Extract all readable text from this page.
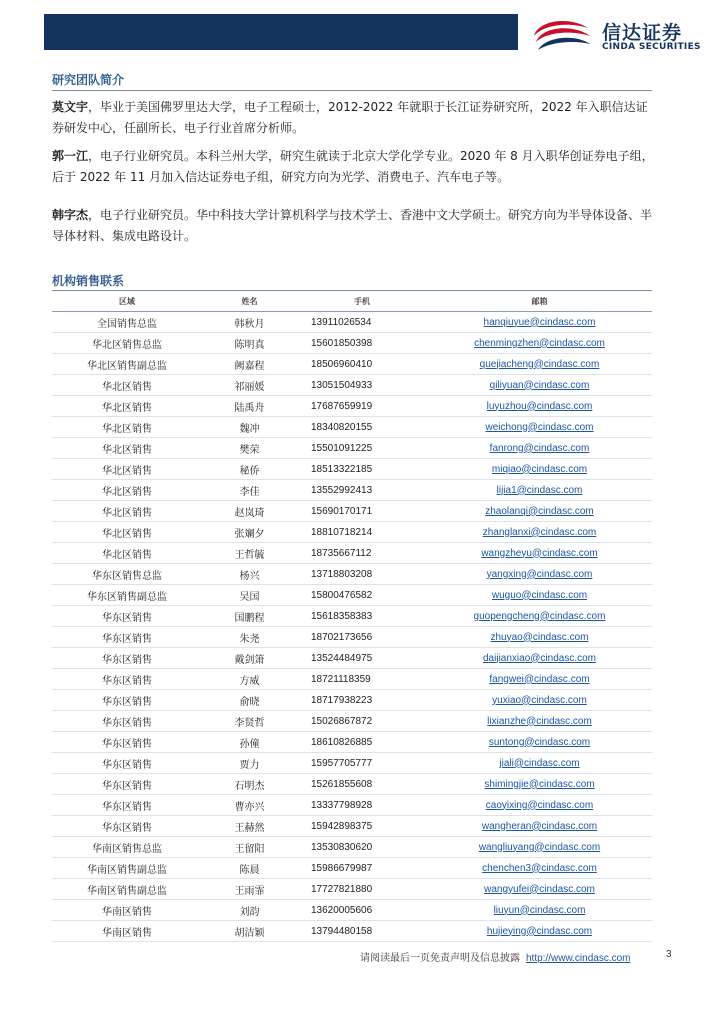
信达证券
CINDA SECURITIES
研究团队简介
莫文宇，毕业于美国佛罗里达大学，电子工程硕士，2012-2022 年就职于长江证券研究所，2022 年入职信达证券研发中心，任副所长、电子行业首席分析师。
郭一江，电子行业研究员。本科兰州大学，研究生就读于北京大学化学专业。2020 年 8 月入职华创证券电子组，后于 2022 年 11 月加入信达证券电子组，研究方向为光学、消费电子、汽车电子等。
韩字杰，电子行业研究员。华中科技大学计算机科学与技术学士、香港中文大学硕士。研究方向为半导体设备、半导体材料、集成电路设计。
机构销售联系
区域	姓名	手机	邮箱
全国销售总监	韩秋月	13911026534	hanqiuyue@cindasc.com
华北区销售总监	陈明真	15601850398	chenmingzhen@cindasc.com
华北区销售副总监	阙嘉程	18506960410	quejiacheng@cindasc.com
华北区销售	祁丽媛	13051504933	qiliyuan@cindasc.com
华北区销售	陆禹舟	17687659919	luyuzhou@cindasc.com
华北区销售	魏冲	18340820155	weichong@cindasc.com
华北区销售	樊荣	15501091225	fanrong@cindasc.com
华北区销售	秘侨	18513322185	miqiao@cindasc.com
华北区销售	李佳	13552992413	lijia1@cindasc.com
华北区销售	赵岚琦	15690170171	zhaolanqi@cindasc.com
华北区销售	张斓夕	18810718214	zhanglanxi@cindasc.com
华北区销售	王哲毓	18735667112	wangzheyu@cindasc.com
华东区销售总监	杨兴	13718803208	yangxing@cindasc.com
华东区销售副总监	吴国	15800476582	wuguo@cindasc.com
华东区销售	国鹏程	15618358383	guopengcheng@cindasc.com
华东区销售	朱尧	18702173656	zhuyao@cindasc.com
华东区销售	戴剑箫	13524484975	daijianxiao@cindasc.com
华东区销售	方威	18721118359	fangwei@cindasc.com
华东区销售	俞晓	18717938223	yuxiao@cindasc.com
华东区销售	李贤哲	15026867872	lixianzhe@cindasc.com
华东区销售	孙僮	18610826885	suntong@cindasc.com
华东区销售	贾力	15957705777	jiali@cindasc.com
华东区销售	石明杰	15261855608	shimingjie@cindasc.com
华东区销售	曹亦兴	13337798928	caoyixing@cindasc.com
华东区销售	王赫然	15942898375	wangheran@cindasc.com
华南区销售总监	王留阳	13530830620	wangliuyang@cindasc.com
华南区销售副总监	陈晨	15986679987	chenchen3@cindasc.com
华南区销售副总监	王雨霏	17727821880	wangyufei@cindasc.com
华南区销售	刘韵	13620005606	liuyun@cindasc.com
华南区销售	胡洁颖	13794480158	hujieying@cindasc.com
请阅读最后一页免责声明及信息披露 http://www.cindasc.com	3
